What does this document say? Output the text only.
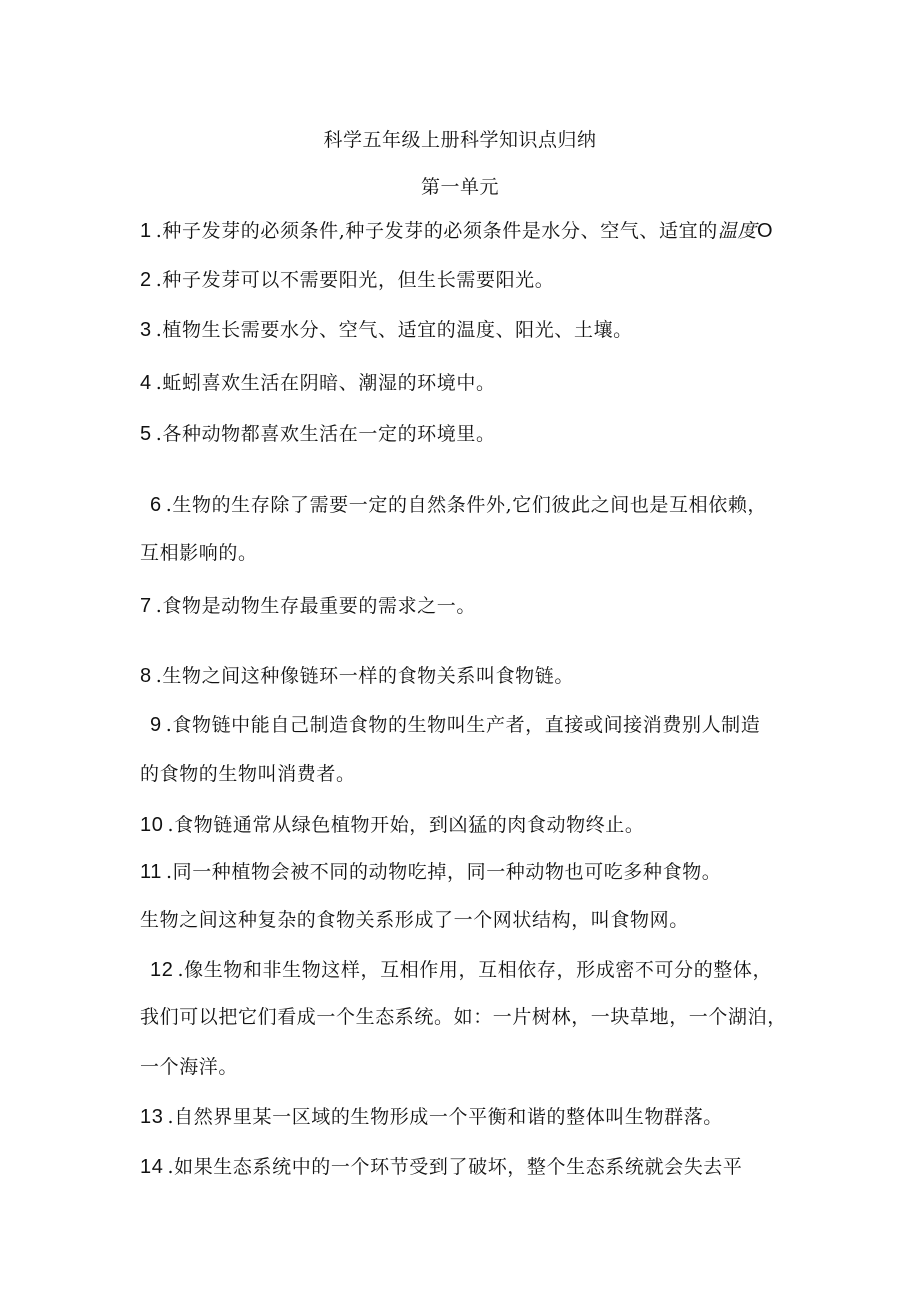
科学五年级上册科学知识点归纳
第一单元
1 .种子发芽的必须条件,种子发芽的必须条件是水分、空气、适宜的温度O
2 .种子发芽可以不需要阳光，但生长需要阳光。
3 .植物生长需要水分、空气、适宜的温度、阳光、土壤。
4 .蚯蚓喜欢生活在阴暗、潮湿的环境中。
5 .各种动物都喜欢生活在一定的环境里。
6 .生物的生存除了需要一定的自然条件外,它们彼此之间也是互相依赖，
互相影响的。
7 .食物是动物生存最重要的需求之一。
8 .生物之间这种像链环一样的食物关系叫食物链。
9 .食物链中能自己制造食物的生物叫生产者，直接或间接消费别人制造
的食物的生物叫消费者。
10 .食物链通常从绿色植物开始，到凶猛的肉食动物终止。
11 .同一种植物会被不同的动物吃掉，同一种动物也可吃多种食物。
生物之间这种复杂的食物关系形成了一个网状结构，叫食物网。
12 .像生物和非生物这样，互相作用，互相依存，形成密不可分的整体，
我们可以把它们看成一个生态系统。如：一片树林，一块草地，一个湖泊，
一个海洋。
13 .自然界里某一区域的生物形成一个平衡和谐的整体叫生物群落。
14 .如果生态系统中的一个环节受到了破坏，整个生态系统就会失去平
